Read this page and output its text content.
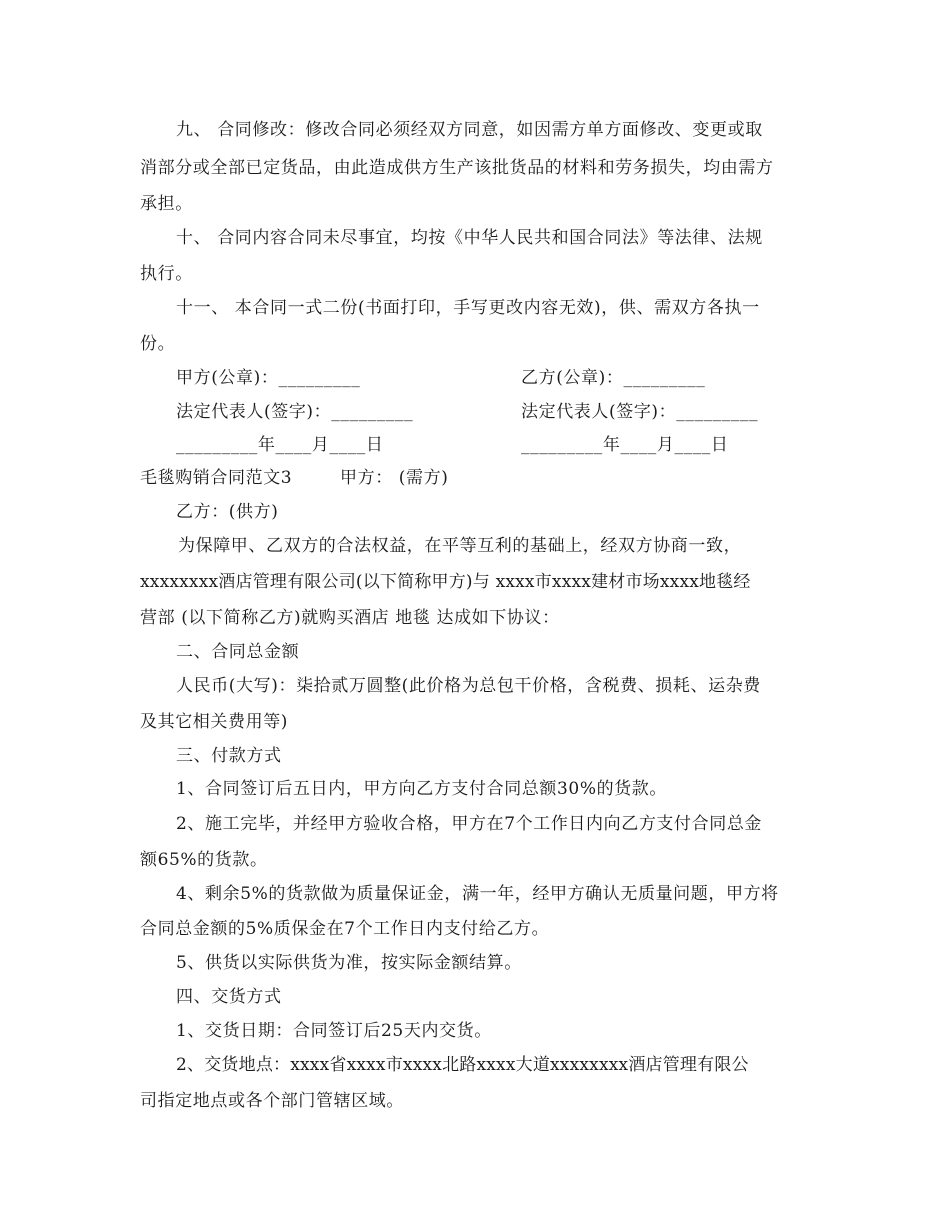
九、 合同修改：修改合同必须经双方同意，如因需方单方面修改、变更或取
消部分或全部已定货品，由此造成供方生产该批货品的材料和劳务损失，均由需方
承担。
十、 合同内容合同未尽事宜，均按《中华人民共和国合同法》等法律、法规
执行。
十一、 本合同一式二份(书面打印，手写更改内容无效)，供、需双方各执一
份。
甲方(公章)：_________	乙方(公章)：_________
法定代表人(签字)：_________	法定代表人(签字)：_________
_________年____月____日	_________年____月____日
毛毯购销合同范文3	甲方： (需方)
乙方：(供方)
为保障甲、乙双方的合法权益，在平等互利的基础上，经双方协商一致，
xxxxxxxx酒店管理有限公司(以下简称甲方)与 xxxx市xxxx建材市场xxxx地毯经
营部 (以下简称乙方)就购买酒店 地毯 达成如下协议：
二、合同总金额
人民币(大写)：柒拾贰万圆整(此价格为总包干价格，含税费、损耗、运杂费
及其它相关费用等)
三、付款方式
1、合同签订后五日内，甲方向乙方支付合同总额30%的货款。
2、施工完毕，并经甲方验收合格，甲方在7个工作日内向乙方支付合同总金
额65%的货款。
4、剩余5%的货款做为质量保证金，满一年，经甲方确认无质量问题，甲方将
合同总金额的5%质保金在7个工作日内支付给乙方。
5、供货以实际供货为准，按实际金额结算。
四、交货方式
1、交货日期：合同签订后25天内交货。
2、交货地点：xxxx省xxxx市xxxx北路xxxx大道xxxxxxxx酒店管理有限公
司指定地点或各个部门管辖区域。
